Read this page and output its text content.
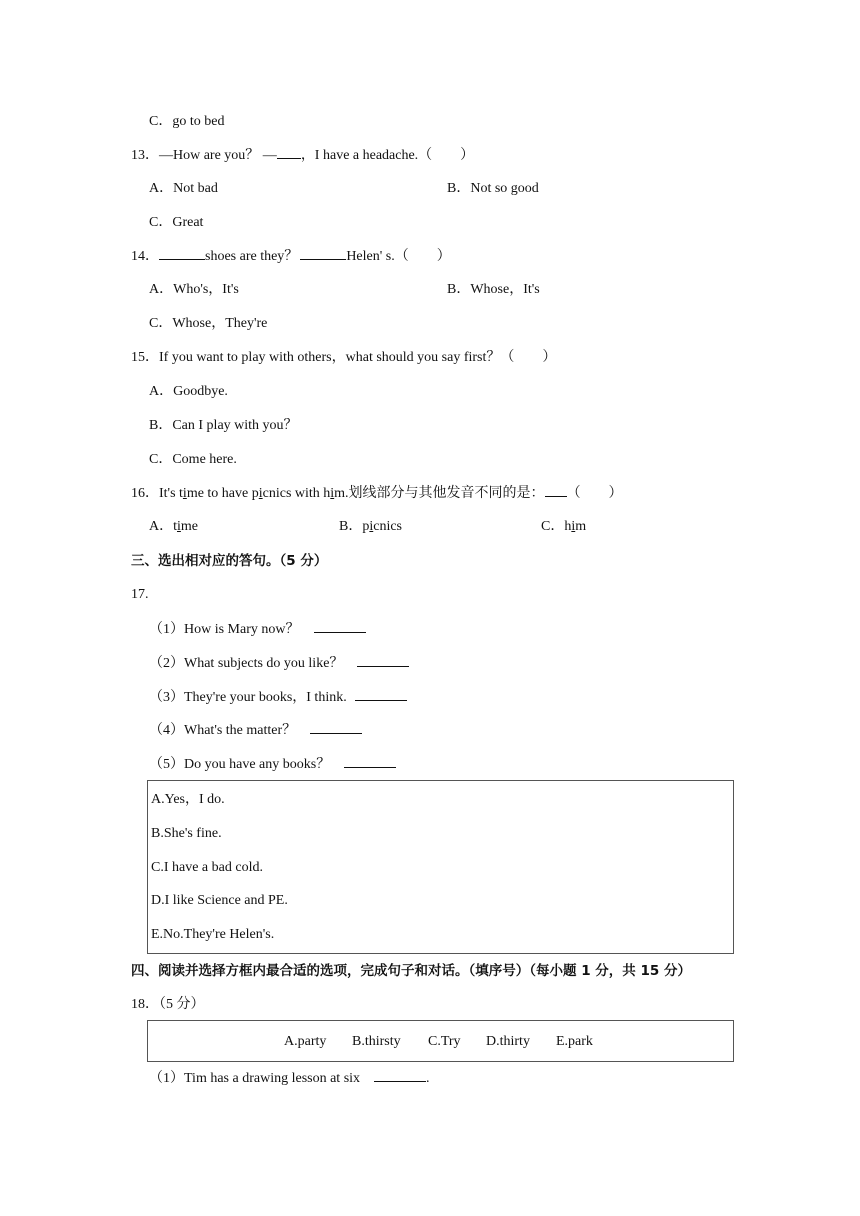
C．go to bed
13．—How are you？ — ，I have a headache.（　　）
A．Not bad	B．Not so good
C．Great
14．	shoes are they？	Helen' s.（　　）
A．Who's，It's	B．Whose，It's
C．Whose，They're
15．If you want to play with others，what should you say first？（　　）
A．Goodbye.
B．Can I play with you？
C．Come here.
16．It's time to have picnics with him.划线部分与其他发音不同的是： （　　）
A．time	B．picnics	C．him
三、选出相对应的答句。（5 分）
17.
（1）How is Mary now？
（2）What subjects do you like？
（3）They're your books，I think.
（4）What's the matter？
（5）Do you have any books？
A.Yes，I do.
B.She's fine.
C.I have a bad cold.
D.I like Science and PE.
E.No.They're Helen's.
四、阅读并选择方框内最合适的选项，完成句子和对话。（填序号）（每小题 1 分，共 15 分）
18．（5 分）
A.party B.thirsty C.Try D.thirty E.park
（1）Tim has a drawing lesson at six	.
